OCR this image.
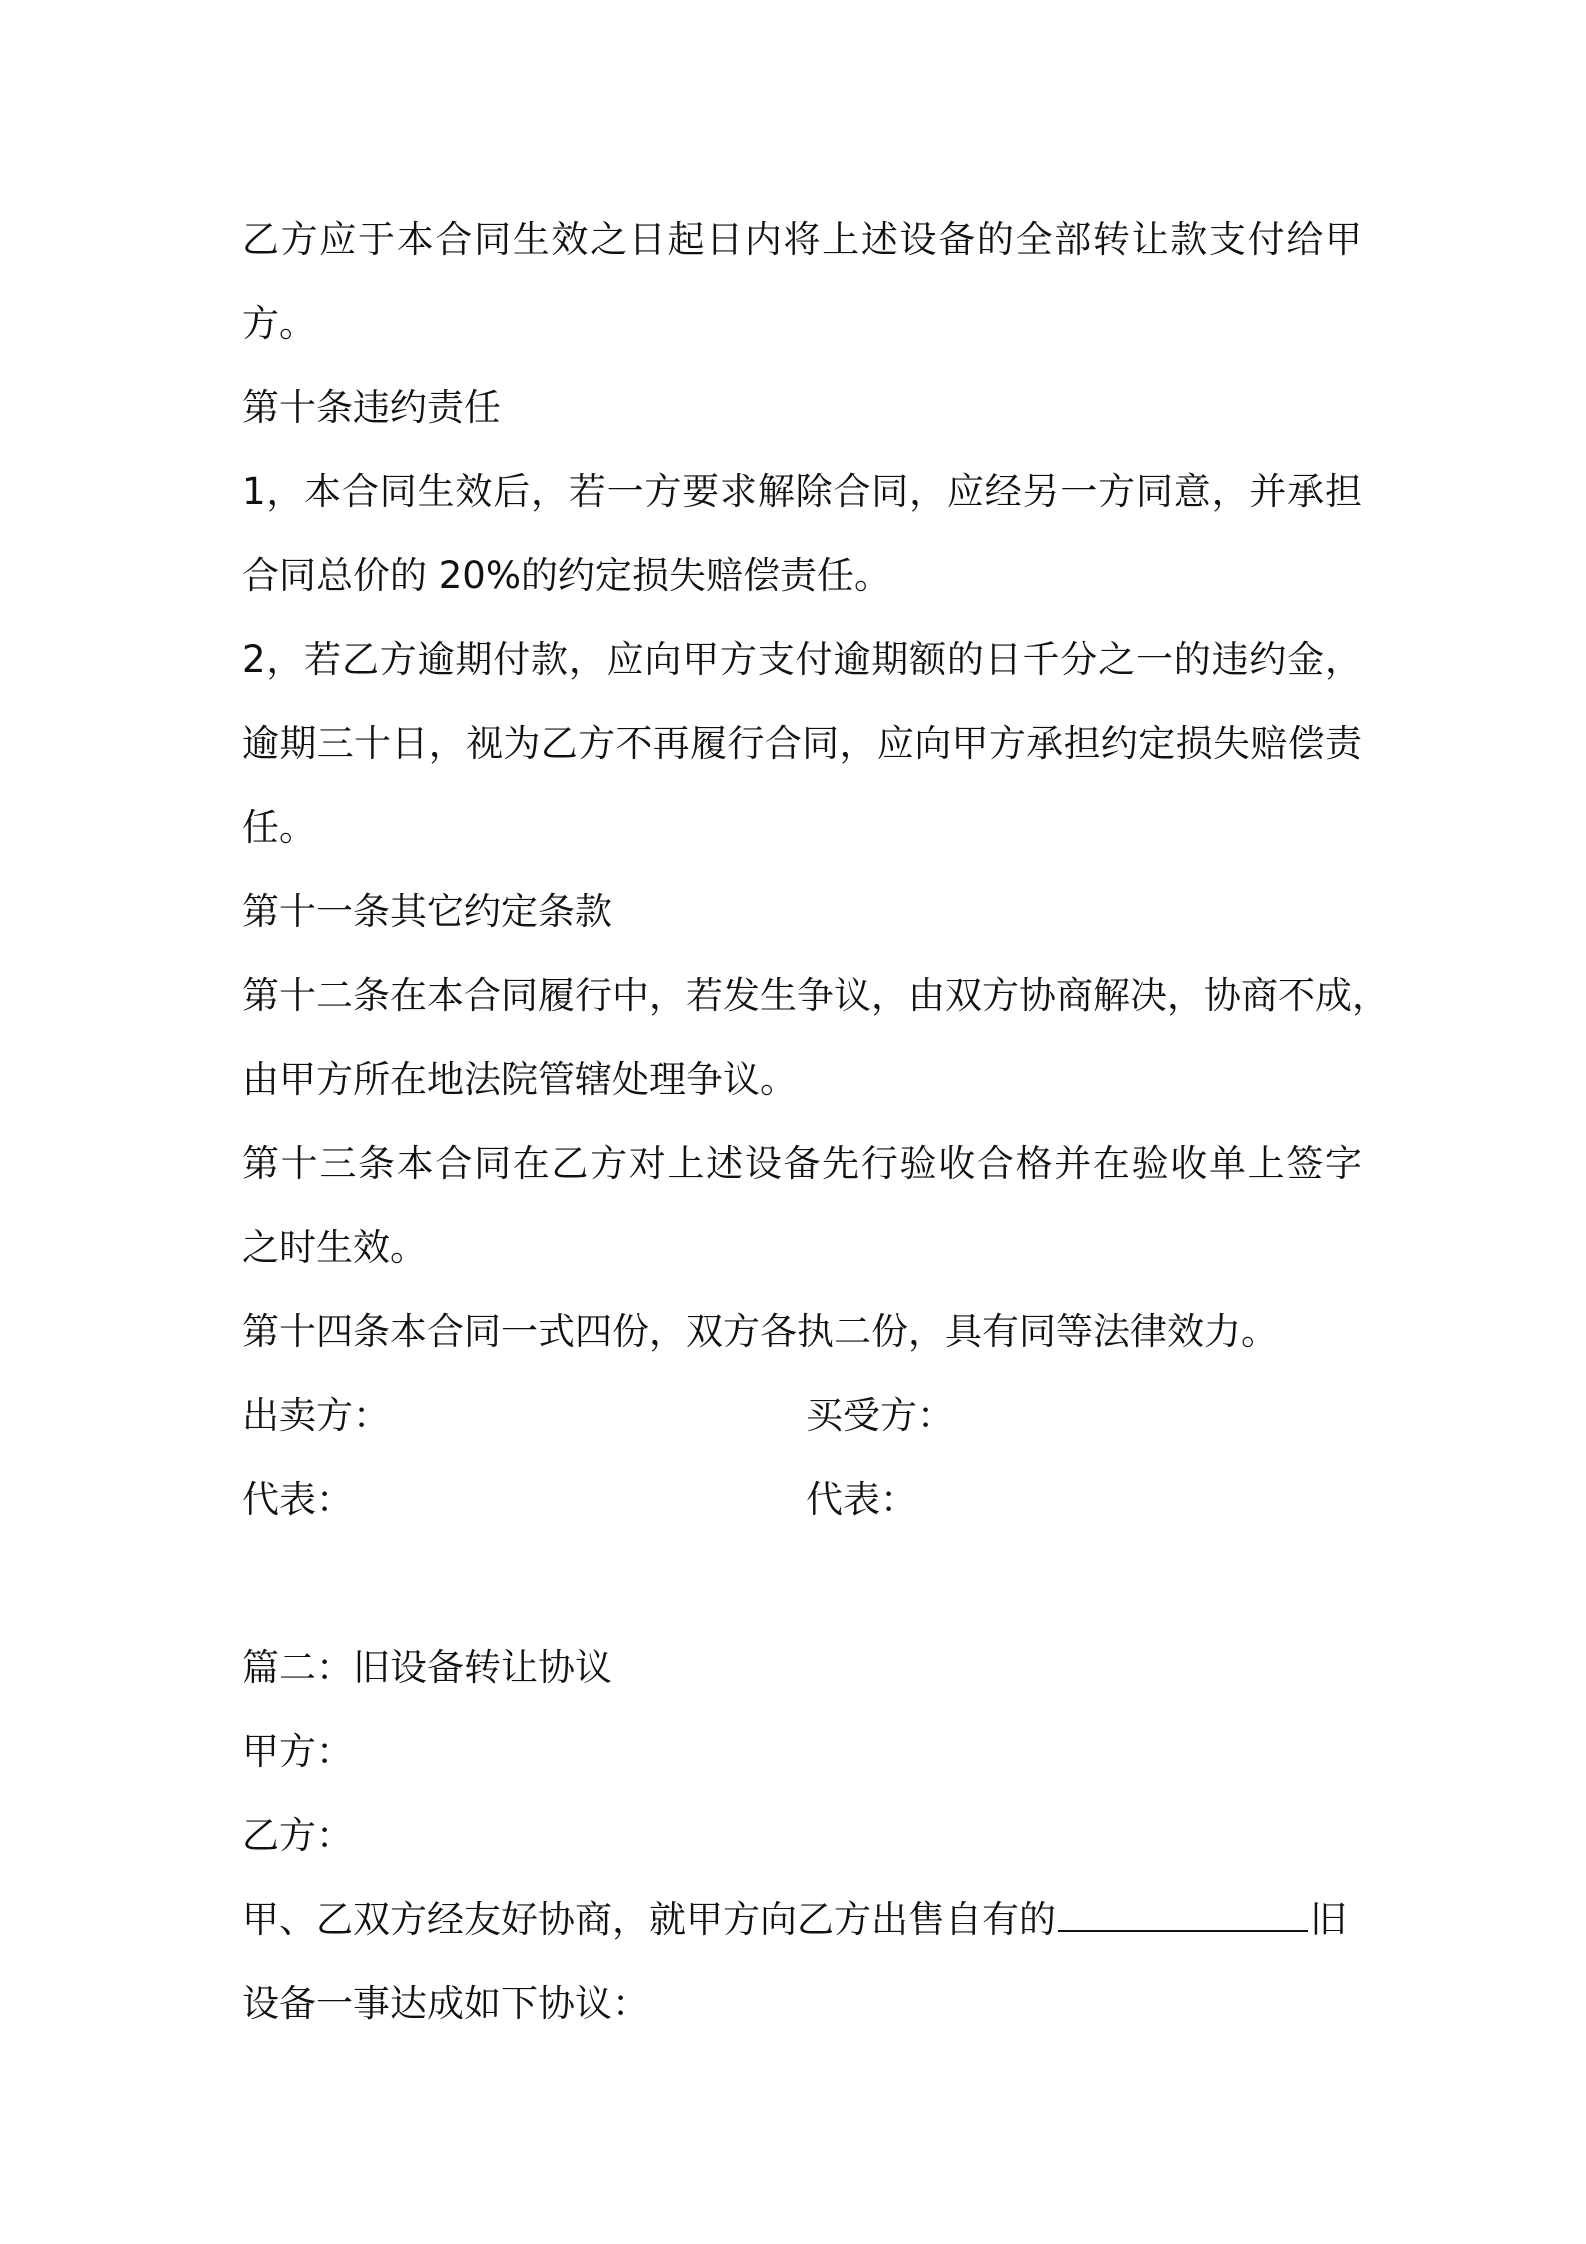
乙方应于本合同生效之日起日内将上述设备的全部转让款支付给甲
方。
第十条违约责任
1，本合同生效后，若一方要求解除合同，应经另一方同意，并承担
合同总价的 20%的约定损失赔偿责任。
2，若乙方逾期付款，应向甲方支付逾期额的日千分之一的违约金，
逾期三十日，视为乙方不再履行合同，应向甲方承担约定损失赔偿责
任。
第十一条其它约定条款
第十二条在本合同履行中，若发生争议，由双方协商解决，协商不成，
由甲方所在地法院管辖处理争议。
第十三条本合同在乙方对上述设备先行验收合格并在验收单上签字
之时生效。
第十四条本合同一式四份，双方各执二份，具有同等法律效力。
出卖方：	买受方：
代表：	代表：
篇二：旧设备转让协议
甲方：
乙方：
甲、乙双方经友好协商，就甲方向乙方出售自有的	旧
设备一事达成如下协议：
